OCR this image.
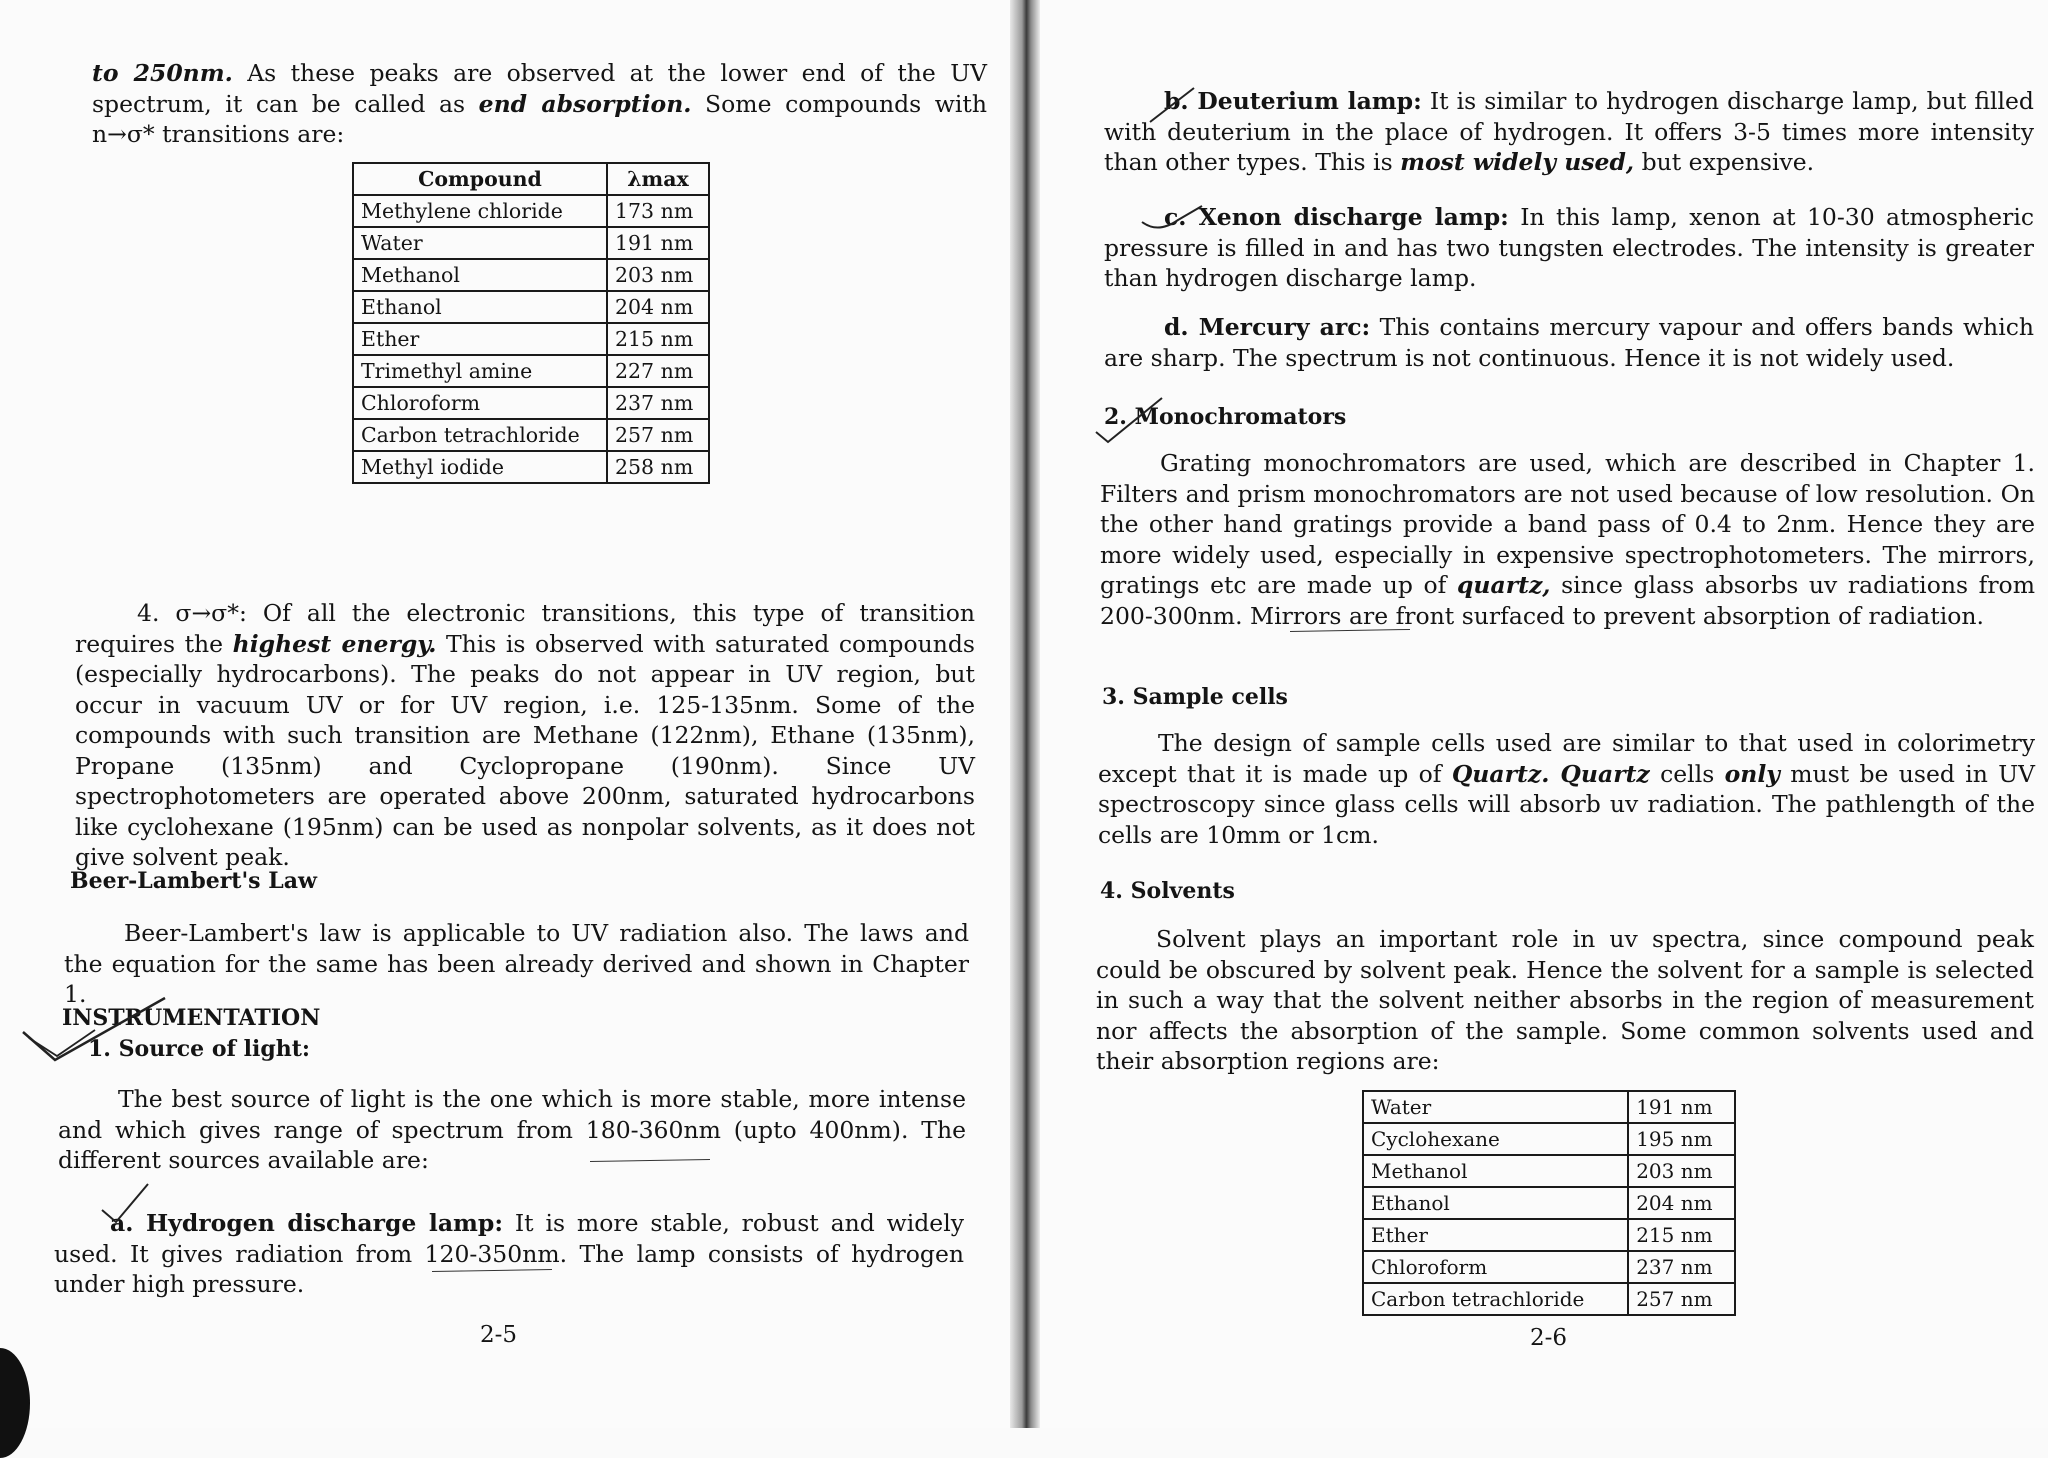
to 250nm. As these peaks are observed at the lower end of the UV spectrum, it can be called as end absorption. Some compounds with n→σ* transitions are:

Compound	λmax
Methylene chloride	173 nm
Water	191 nm
Methanol	203 nm
Ethanol	204 nm
Ether	215 nm
Trimethyl amine	227 nm
Chloroform	237 nm
Carbon tetrachloride	257 nm
Methyl iodide	258 nm

4. σ→σ*: Of all the electronic transitions, this type of transition requires the highest energy. This is observed with saturated compounds (especially hydrocarbons). The peaks do not appear in UV region, but occur in vacuum UV or for UV region, i.e. 125-135nm. Some of the compounds with such transition are Methane (122nm), Ethane (135nm), Propane (135nm) and Cyclopropane (190nm). Since UV spectrophotometers are operated above 200nm, saturated hydrocarbons like cyclohexane (195nm) can be used as nonpolar solvents, as it does not give solvent peak.

Beer-Lambert's Law

Beer-Lambert's law is applicable to UV radiation also. The laws and the equation for the same has been already derived and shown in Chapter 1.

INSTRUMENTATION
1. Source of light:

The best source of light is the one which is more stable, more intense and which gives range of spectrum from 180-360nm (upto 400nm). The different sources available are:

a. Hydrogen discharge lamp: It is more stable, robust and widely used. It gives radiation from 120-350nm. The lamp consists of hydrogen under high pressure.

2-5

b. Deuterium lamp: It is similar to hydrogen discharge lamp, but filled with deuterium in the place of hydrogen. It offers 3-5 times more intensity than other types. This is most widely used, but expensive.

c. Xenon discharge lamp: In this lamp, xenon at 10-30 atmospheric pressure is filled in and has two tungsten electrodes. The intensity is greater than hydrogen discharge lamp.

d. Mercury arc: This contains mercury vapour and offers bands which are sharp. The spectrum is not continuous. Hence it is not widely used.

2. Monochromators

Grating monochromators are used, which are described in Chapter 1. Filters and prism monochromators are not used because of low resolution. On the other hand gratings provide a band pass of 0.4 to 2nm. Hence they are more widely used, especially in expensive spectrophotometers. The mirrors, gratings etc are made up of quartz, since glass absorbs uv radiations from 200-300nm. Mirrors are front surfaced to prevent absorption of radiation.

3. Sample cells

The design of sample cells used are similar to that used in colorimetry except that it is made up of Quartz. Quartz cells only must be used in UV spectroscopy since glass cells will absorb uv radiation. The pathlength of the cells are 10mm or 1cm.

4. Solvents

Solvent plays an important role in uv spectra, since compound peak could be obscured by solvent peak. Hence the solvent for a sample is selected in such a way that the solvent neither absorbs in the region of measurement nor affects the absorption of the sample. Some common solvents used and their absorption regions are:

Water	191 nm
Cyclohexane	195 nm
Methanol	203 nm
Ethanol	204 nm
Ether	215 nm
Chloroform	237 nm
Carbon tetrachloride	257 nm
2-6
